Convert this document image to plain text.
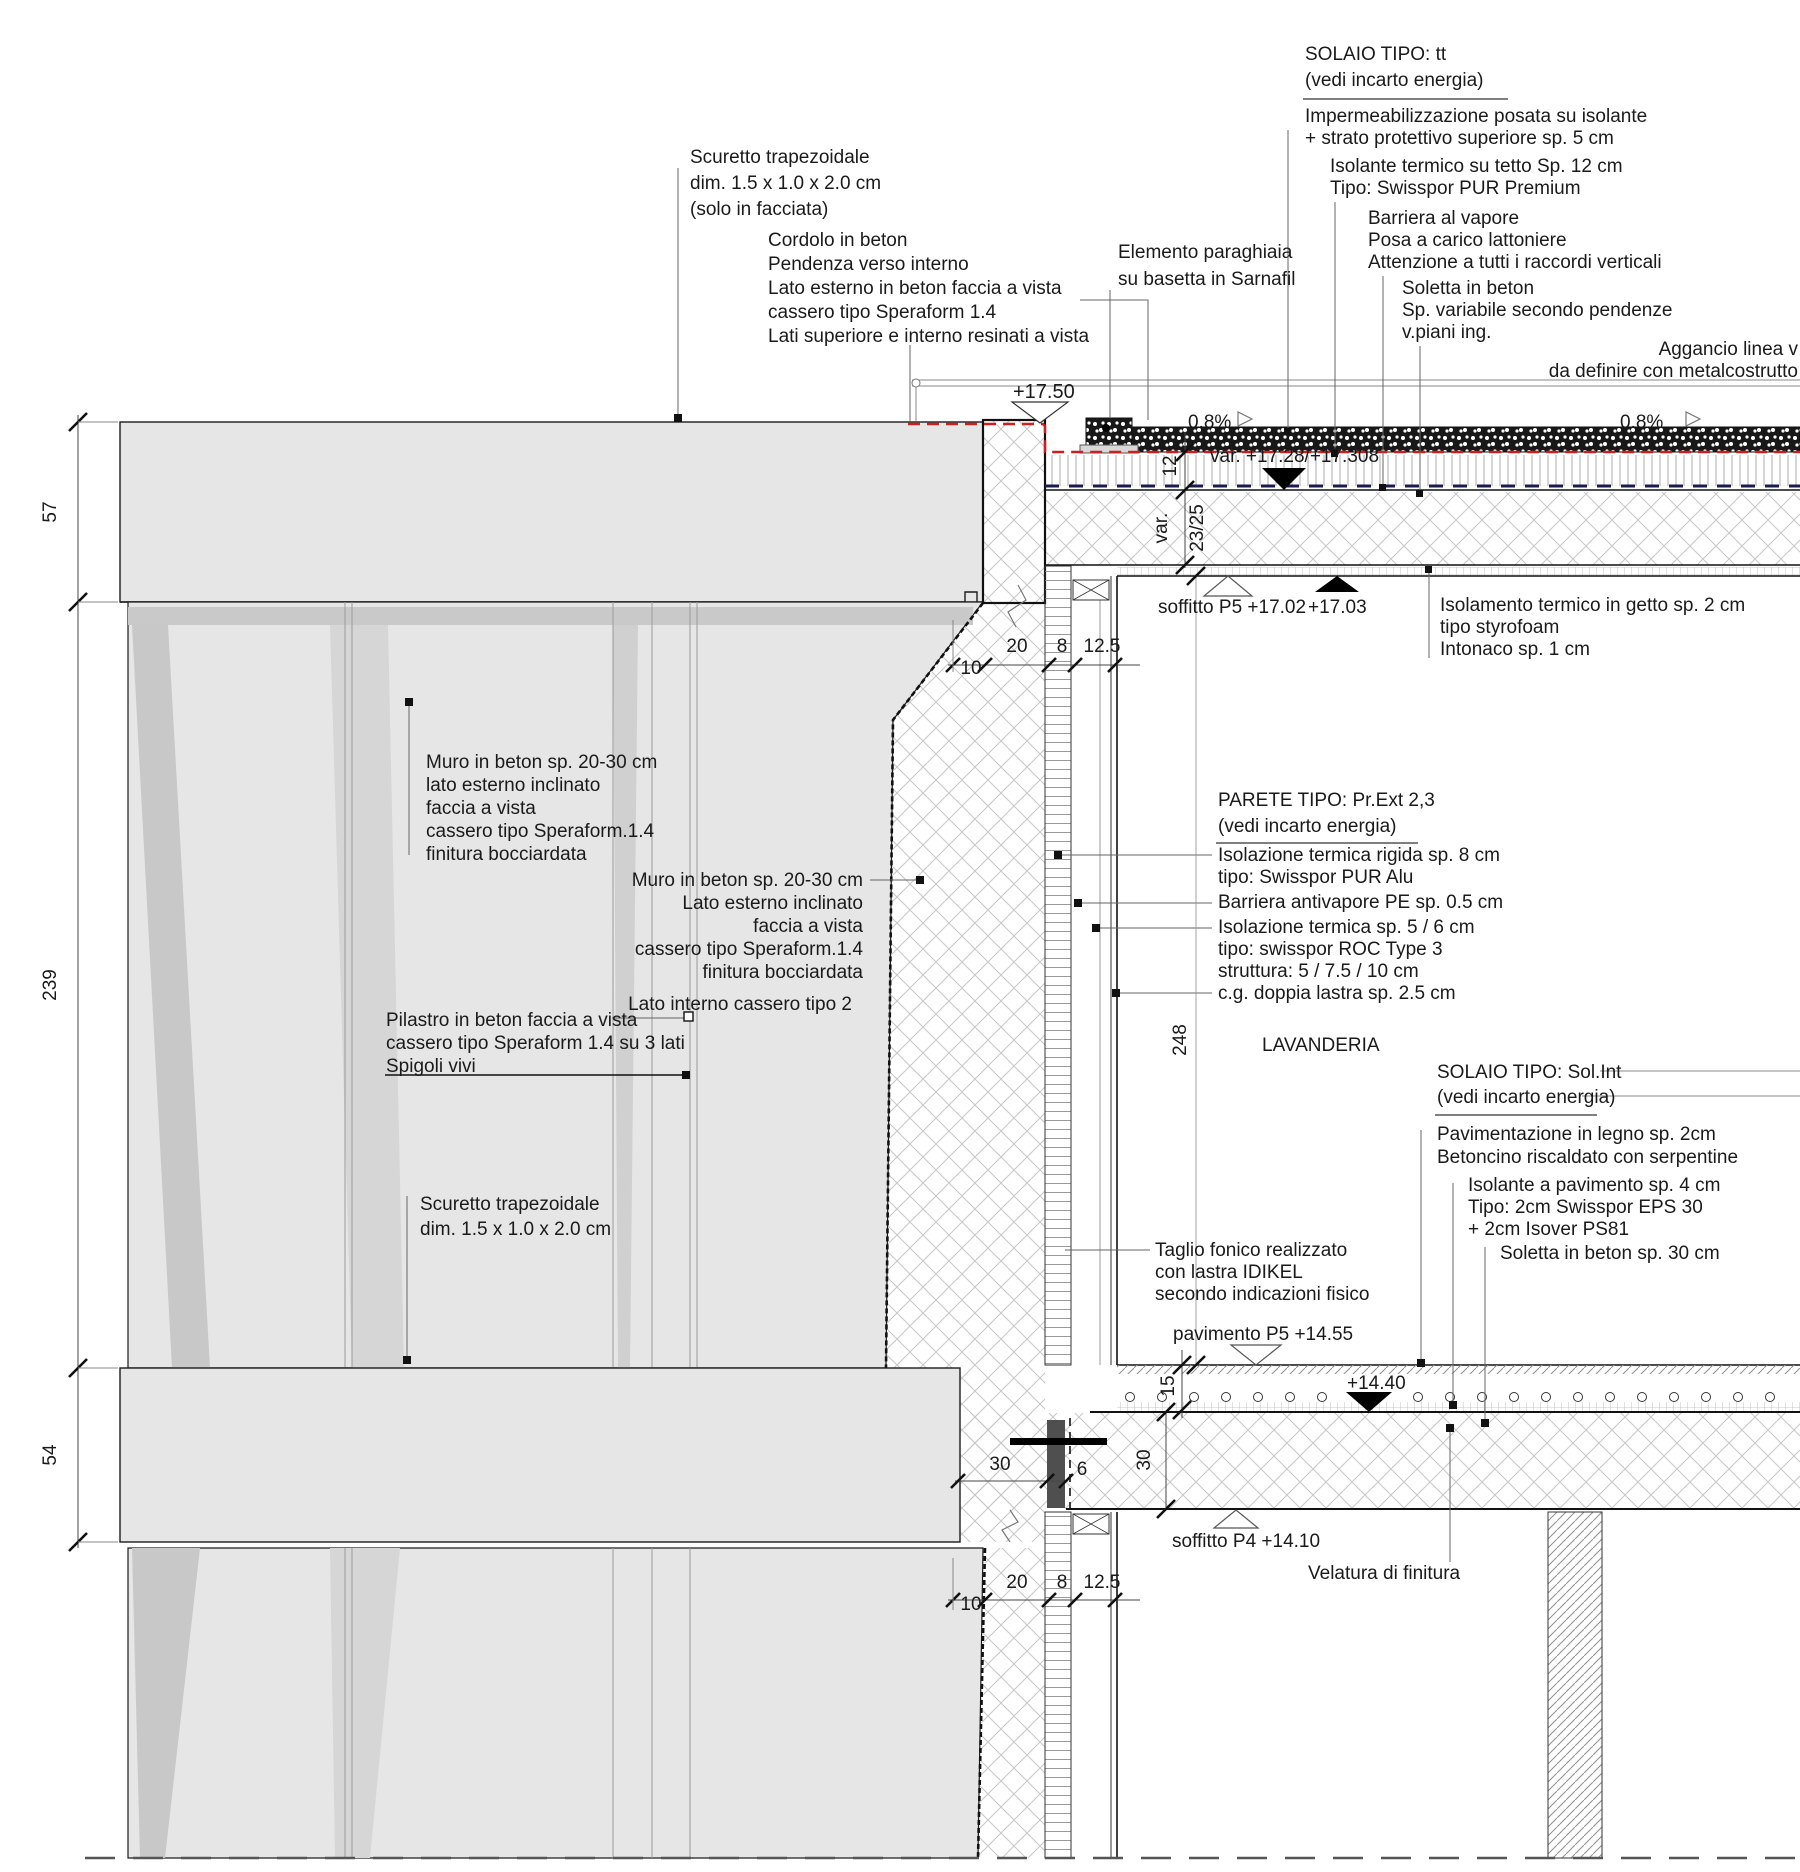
57
239
54
10
20 8 12.5
12
var. 23/25
248
15
30	6 30
10
20 8 12.5
Scuretto trapezoidale dim. 1.5 x 1.0 x 2.0 cm (solo in facciata)
Cordolo in beton Pendenza verso interno Lato esterno in beton faccia a vista cassero tipo Speraform 1.4 Lati superiore e interno resinati a vista
Elemento paraghiaia su basetta in Sarnafil
SOLAIO TIPO: tt (vedi incarto energia)
Impermeabilizzazione posata su isolante + strato protettivo superiore sp. 5 cm
Isolante termico su tetto Sp. 12 cm Tipo: Swisspor PUR Premium
Barriera al vapore Posa a carico lattoniere Attenzione a tutti i raccordi verticali
Soletta in beton Sp. variabile secondo pendenze v.piani ing.
Aggancio linea v da definire con metalcostrutto
+17.50
0.8%	0.8%
var. +17.28/+17.308
soffitto P5 +17.02 +17.03	Isolamento termico in getto sp. 2 cm tipo styrofoam Intonaco sp. 1 cm
Muro in beton sp. 20-30 cm lato esterno inclinato faccia a vista cassero tipo Speraform.1.4 finitura bocciardata
Muro in beton sp. 20-30 cm Lato esterno inclinato faccia a vista cassero tipo Speraform.1.4 finitura bocciardata
Lato interno cassero tipo 2
Pilastro in beton faccia a vista cassero tipo Speraform 1.4 su 3 lati Spigoli vivi
Scuretto trapezoidale dim. 1.5 x 1.0 x 2.0 cm
PARETE TIPO: Pr.Ext 2,3 (vedi incarto energia)
Isolazione termica rigida sp. 8 cm tipo: Swisspor PUR Alu
Barriera antivapore PE sp. 0.5 cm
Isolazione termica sp. 5 / 6 cm tipo: swisspor ROC Type 3 struttura: 5 / 7.5 / 10 cm c.g. doppia lastra sp. 2.5 cm
LAVANDERIA
SOLAIO TIPO: Sol.Int (vedi incarto energia)
Pavimentazione in legno sp. 2cm Betoncino riscaldato con serpentine
Isolante a pavimento sp. 4 cm Tipo: 2cm Swisspor EPS 30 + 2cm Isover PS81
Soletta in beton sp. 30 cm
Taglio fonico realizzato con lastra IDIKEL secondo indicazioni fisico
pavimento P5 +14.55
+14.40
soffitto P4 +14.10
Velatura di finitura
